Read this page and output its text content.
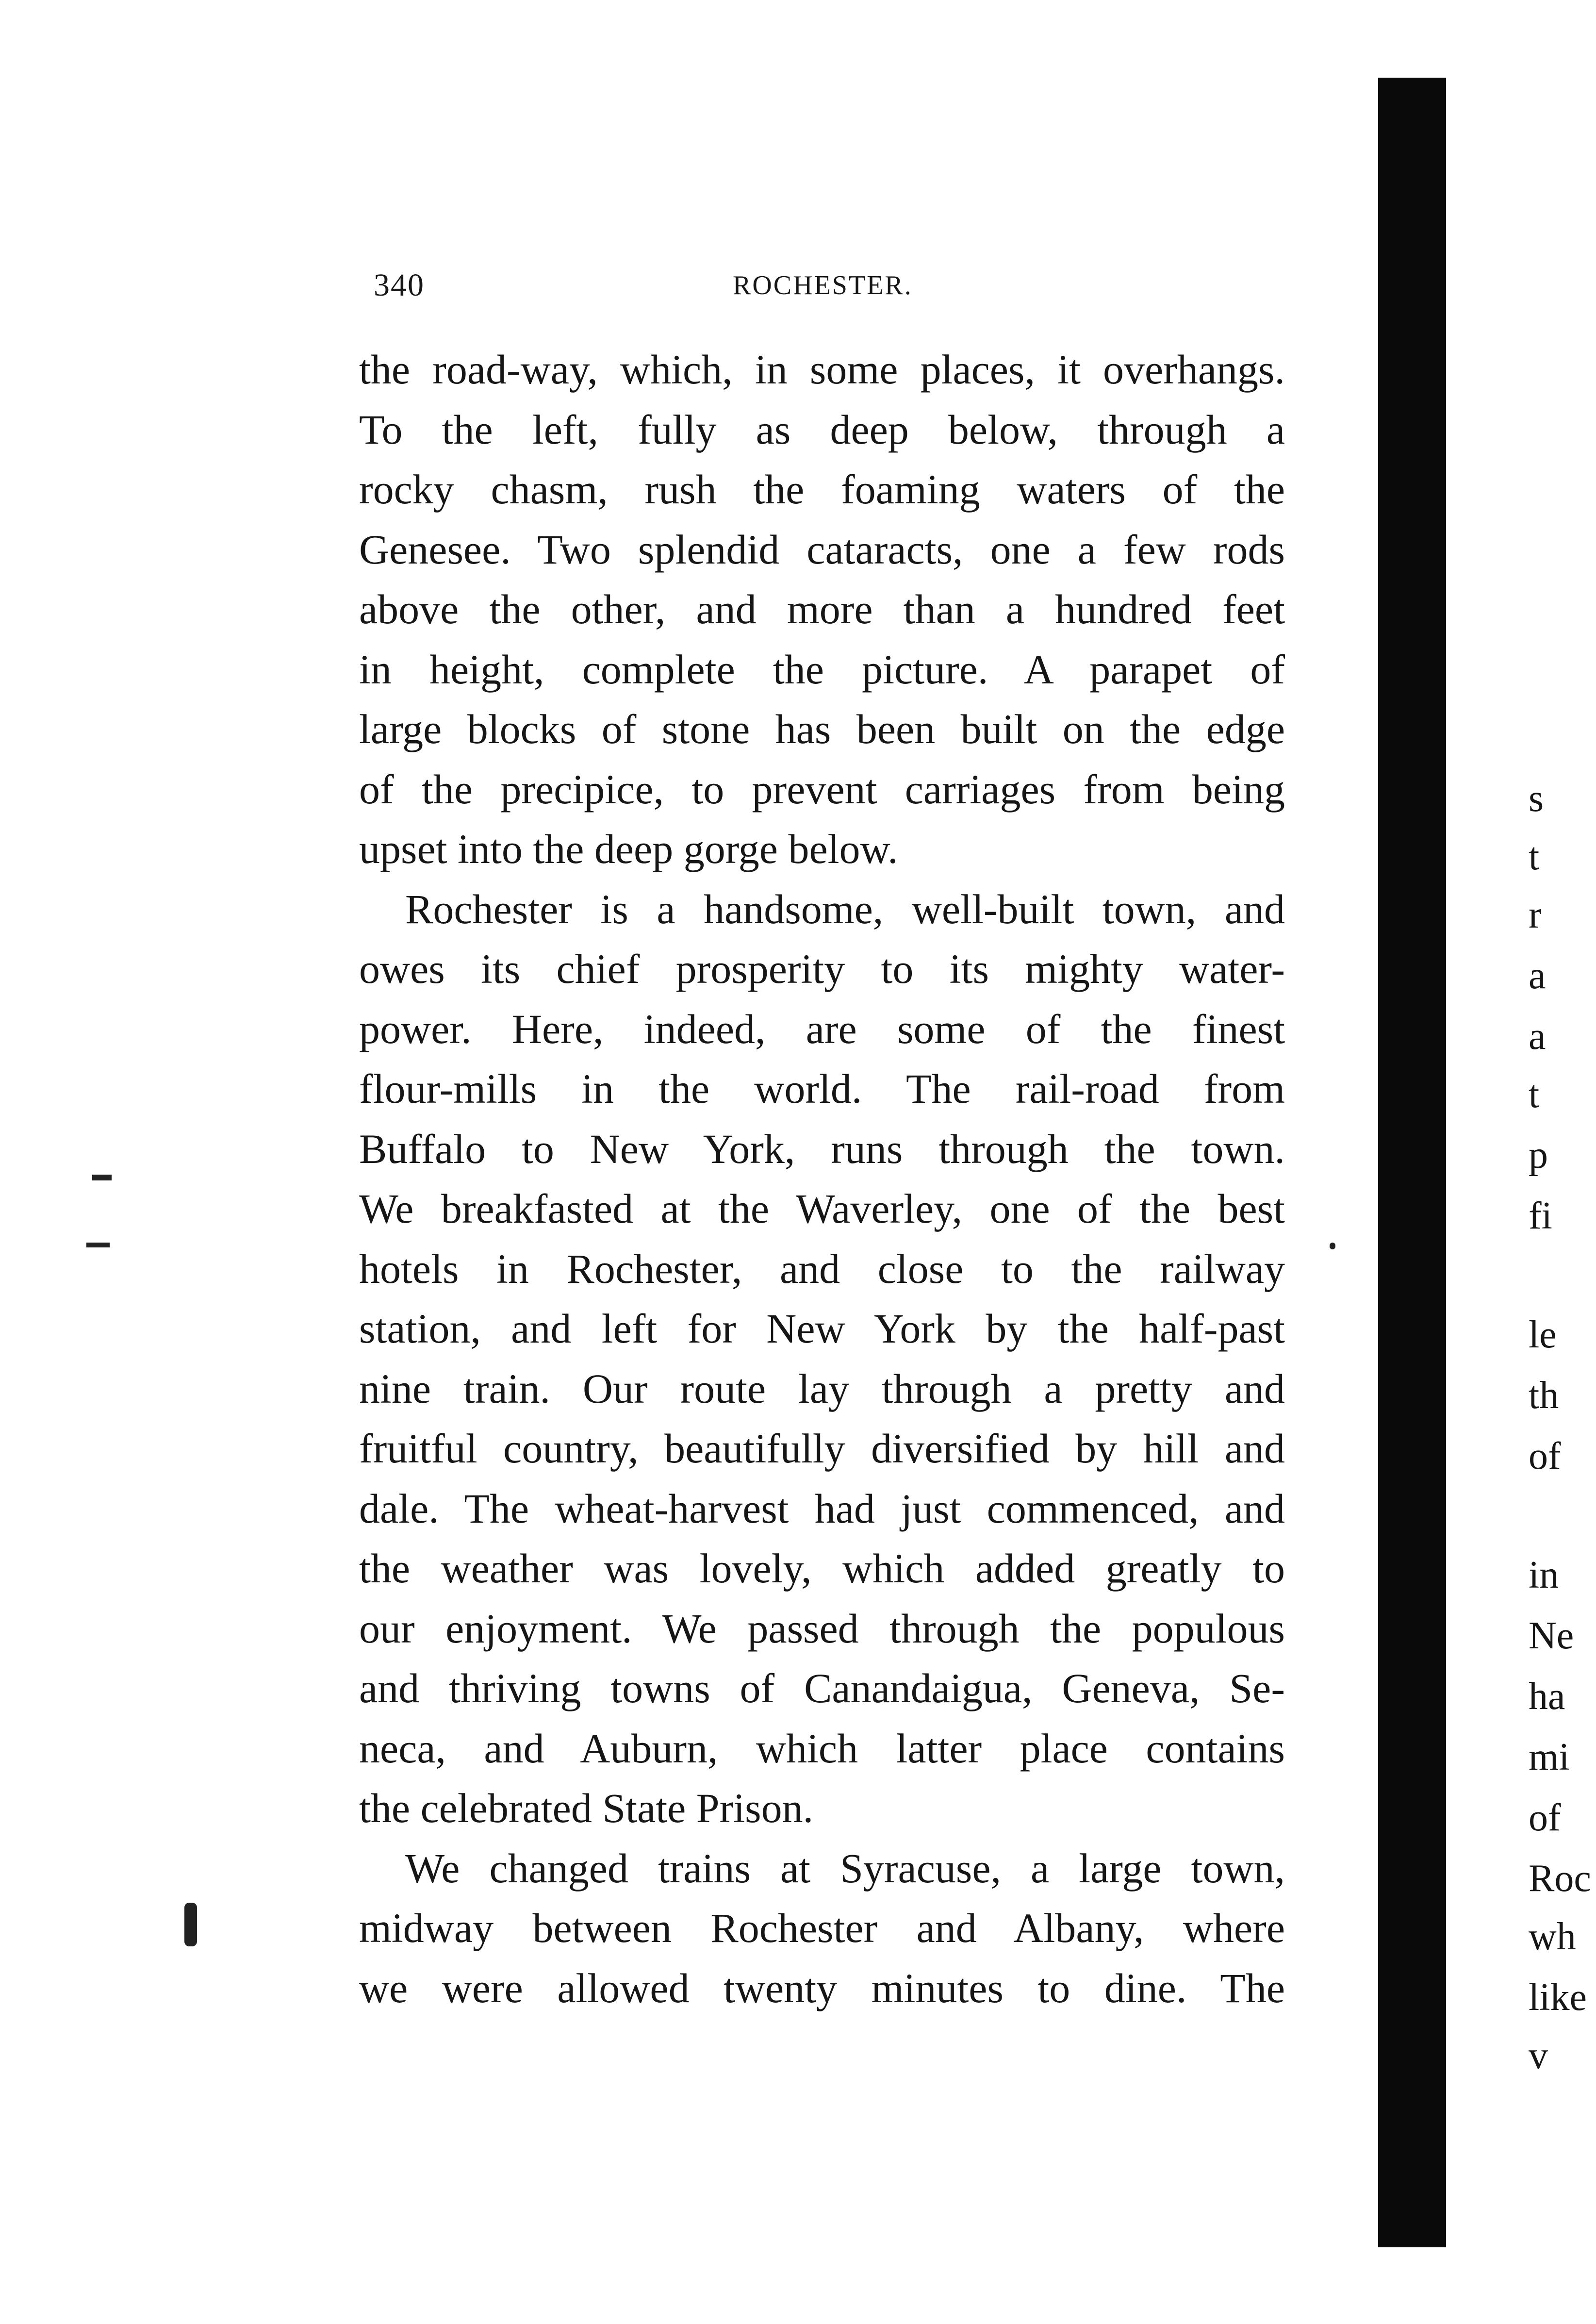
340	ROCHESTER.

the road-way, which, in some places, it overhangs.
To the left, fully as deep below, through a
rocky chasm, rush the foaming waters of the
Genesee. Two splendid cataracts, one a few rods
above the other, and more than a hundred feet
in height, complete the picture. A parapet of
large blocks of stone has been built on the edge
of the precipice, to prevent carriages from being
upset into the deep gorge below.

Rochester is a handsome, well-built town, and
owes its chief prosperity to its mighty water-
power. Here, indeed, are some of the finest
flour-mills in the world. The rail-road from
Buffalo to New York, runs through the town.
We breakfasted at the Waverley, one of the best
hotels in Rochester, and close to the railway
station, and left for New York by the half-past
nine train. Our route lay through a pretty and
fruitful country, beautifully diversified by hill and
dale. The wheat-harvest had just commenced, and
the weather was lovely, which added greatly to
our enjoyment. We passed through the populous
and thriving towns of Canandaigua, Geneva, Se-
neca, and Auburn, which latter place contains
the celebrated State Prison.

We changed trains at Syracuse, a large town,
midway between Rochester and Albany, where
we were allowed twenty minutes to dine. The

s
t
r
a
a
t
p
fi
le
th
of
in
Ne
ha
mi
of
Roc
wh
like
v
